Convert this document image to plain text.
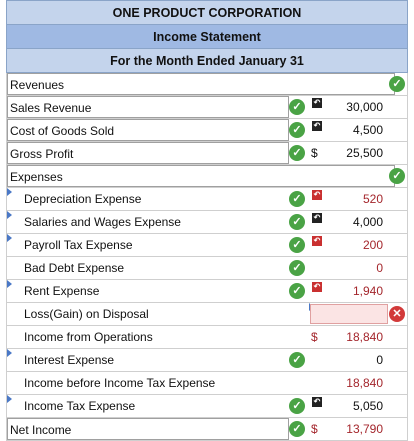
ONE PRODUCT CORPORATION
Income Statement
For the Month Ended January 31
Revenues	✓
Sales Revenue	✓	↶	30,000
Cost of Goods Sold	✓	↶	4,500
Gross Profit	✓ $	25,500
Expenses	✓
Depreciation Expense	✓	↶	520
Salaries and Wages Expense	✓	↶	4,000
Payroll Tax Expense	✓	↶	200
Bad Debt Expense	✓	0
Rent Expense	✓	↶	1,940
Loss(Gain) on Disposal	✕
Income from Operations	$	18,840
Interest Expense	✓	0
Income before Income Tax Expense	18,840
Income Tax Expense	✓	↶	5,050
Net Income	✓ $	13,790
